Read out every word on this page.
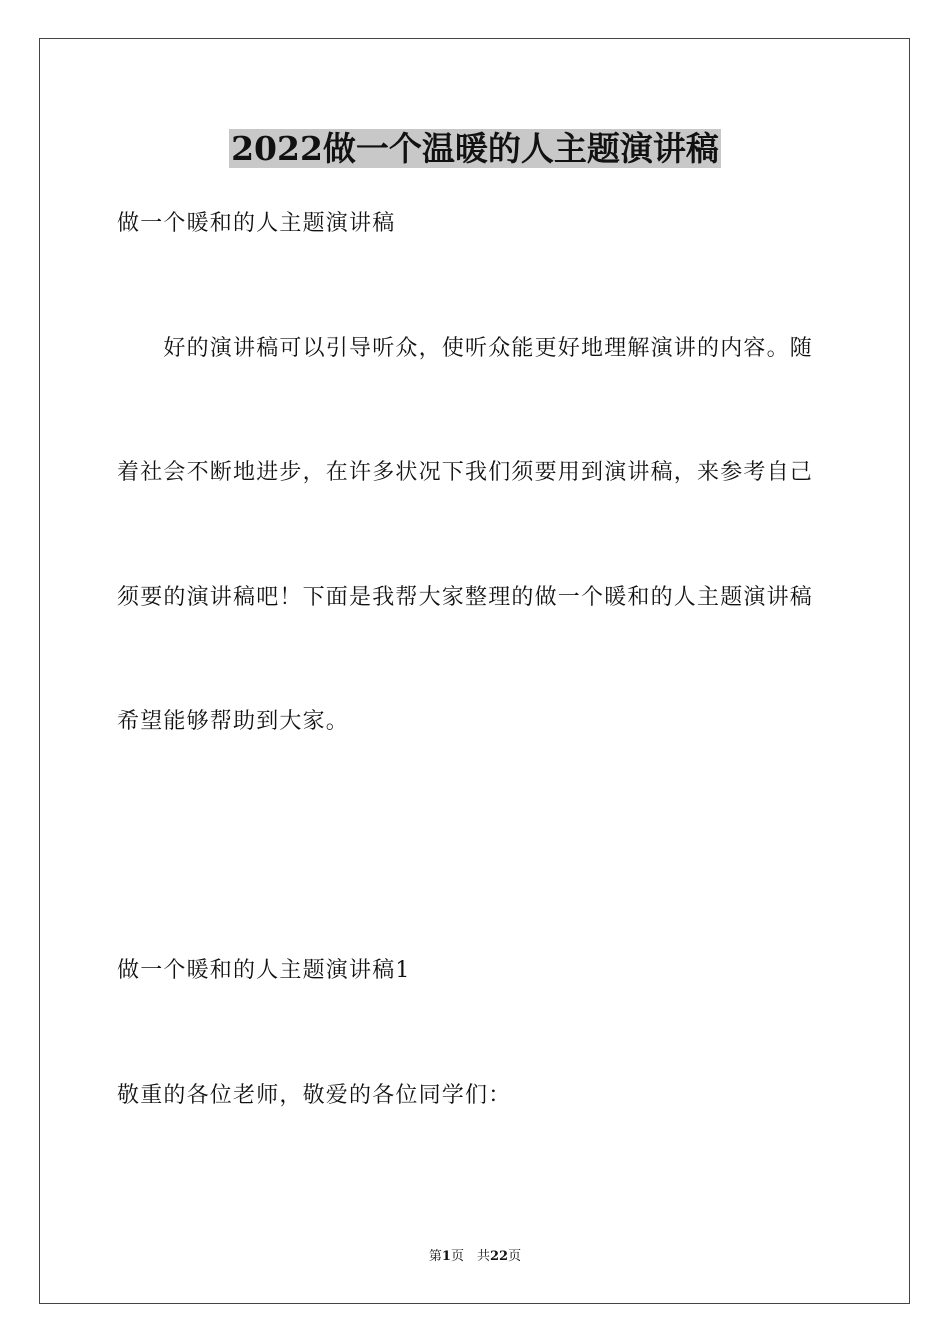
2022做一个温暖的人主题演讲稿
做一个暖和的人主题演讲稿
　　好的演讲稿可以引导听众，使听众能更好地理解演讲的内容。随
着社会不断地进步，在许多状况下我们须要用到演讲稿，来参考自己
须要的演讲稿吧！下面是我帮大家整理的做一个暖和的人主题演讲稿
希望能够帮助到大家。
做一个暖和的人主题演讲稿1
敬重的各位老师，敬爱的各位同学们：
第1页　共22页
